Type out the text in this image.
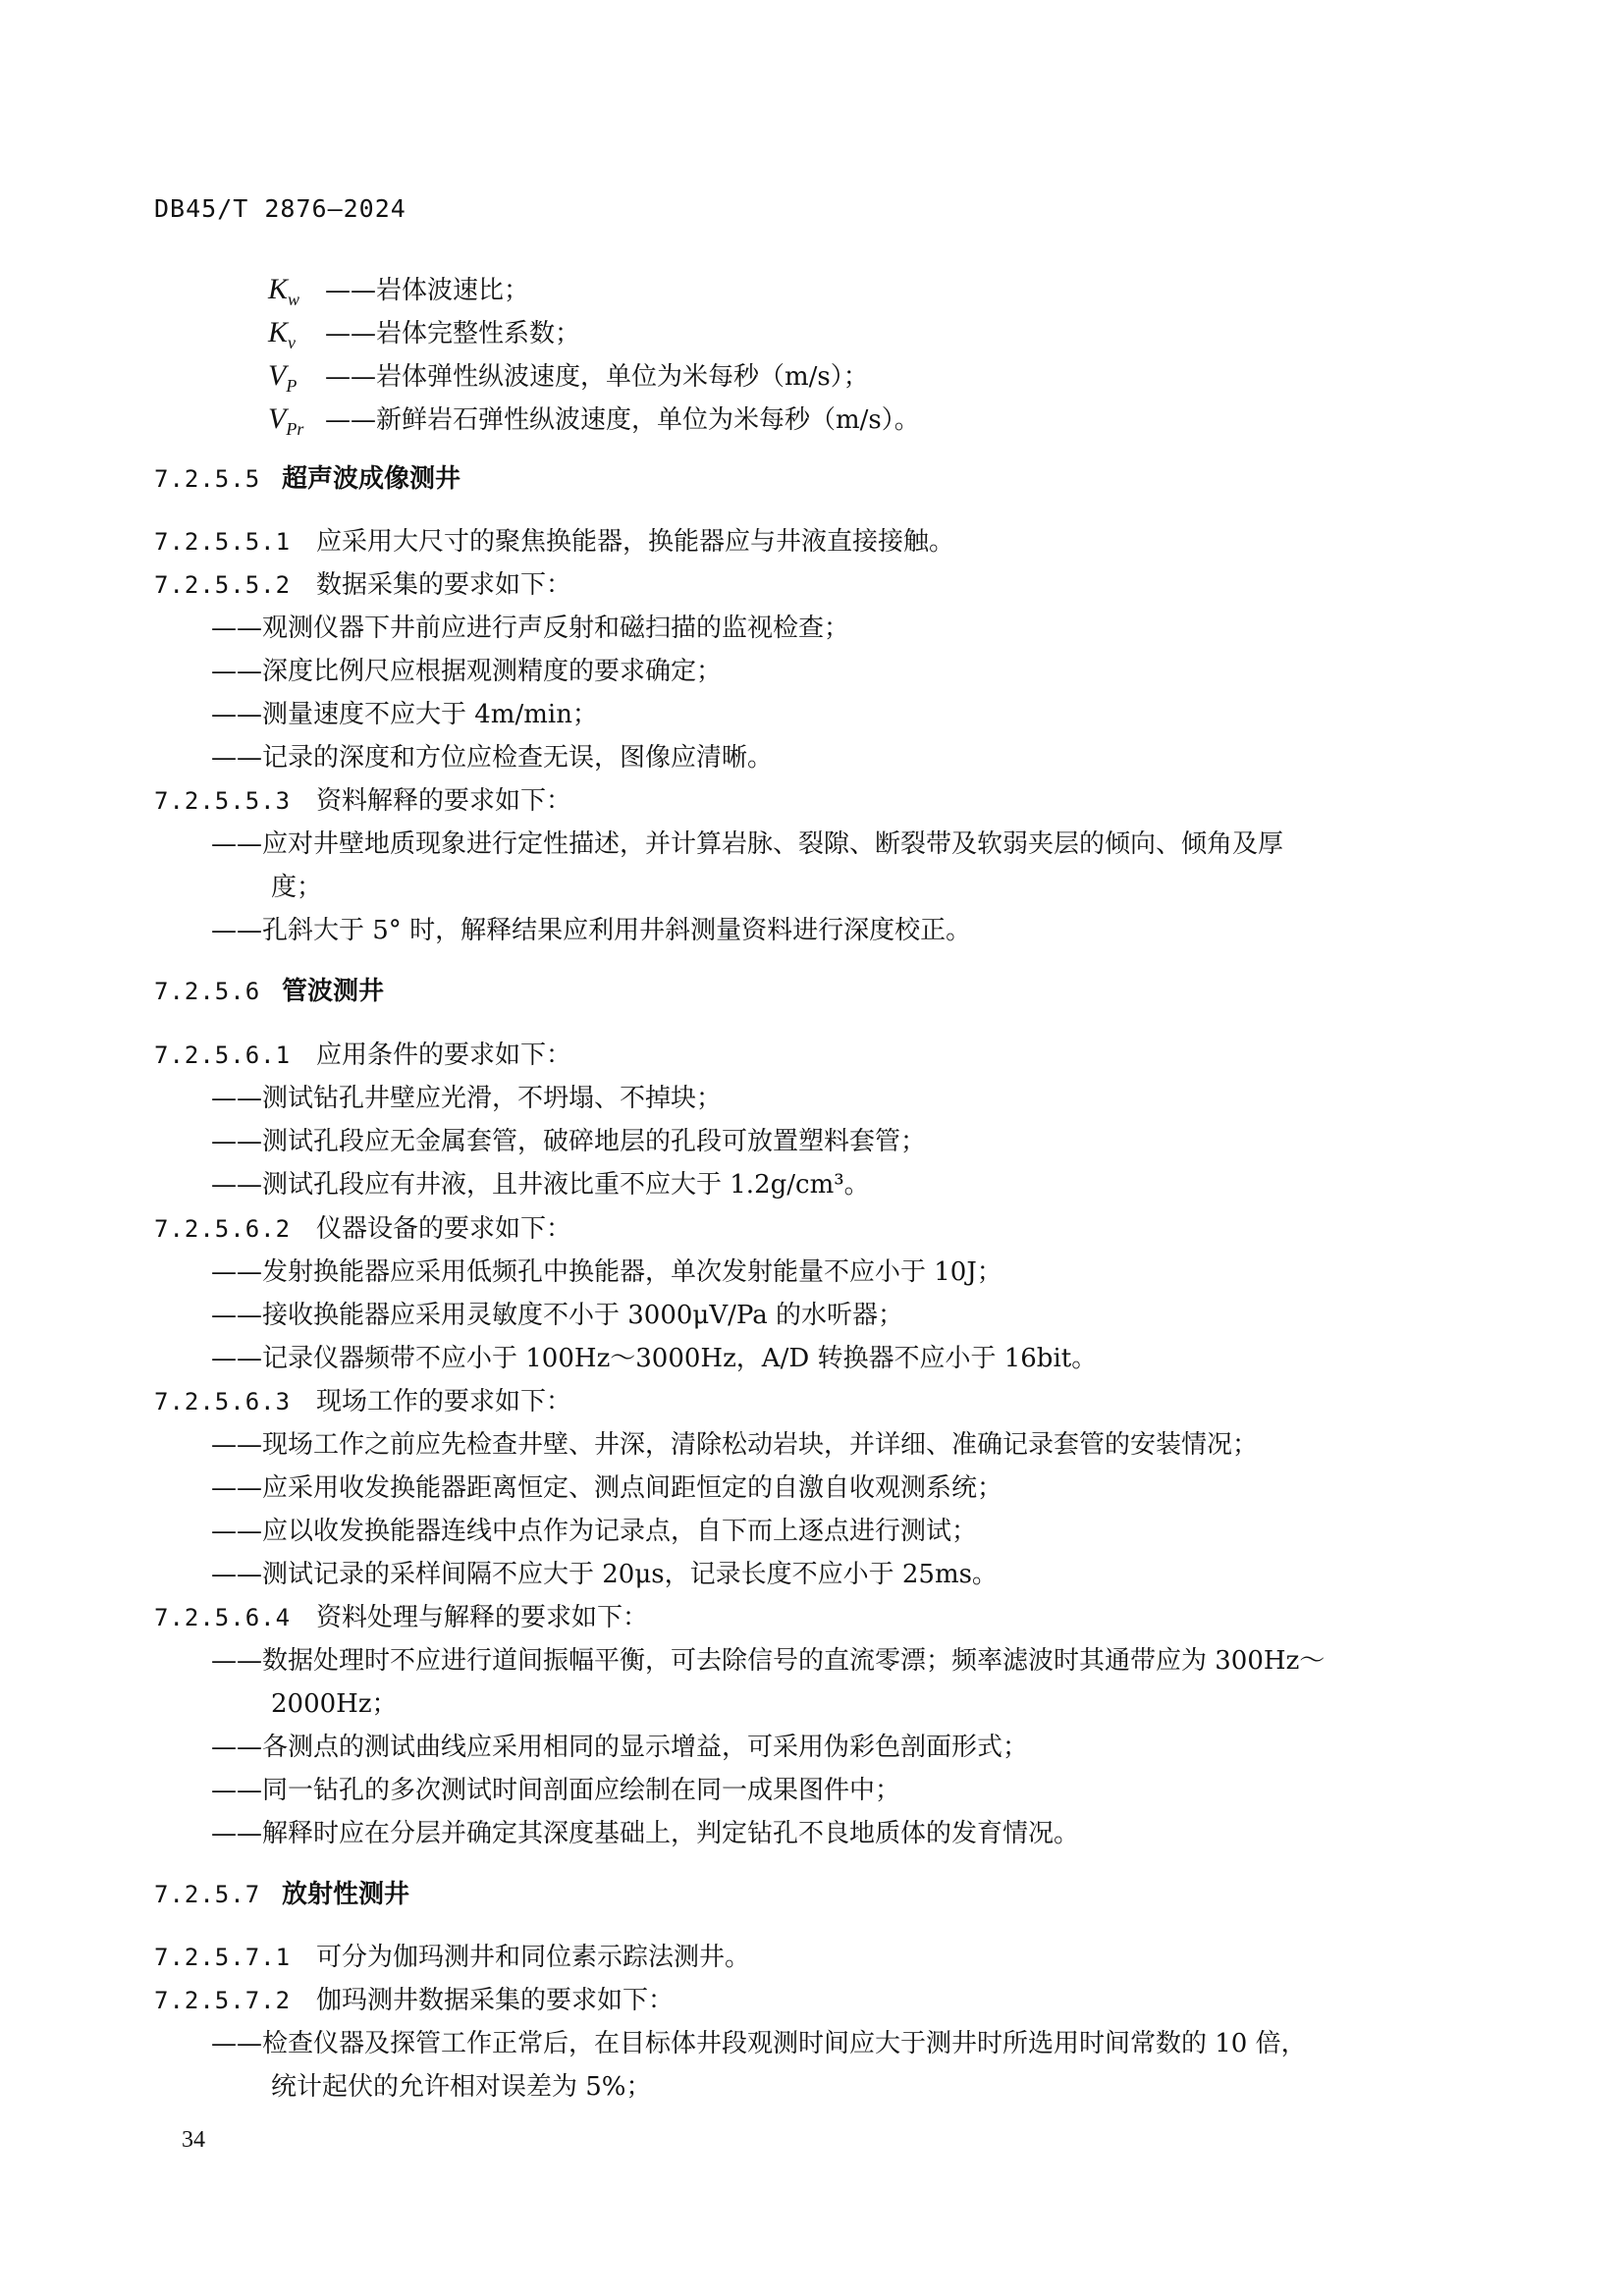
DB45/T 2876—2024
$K_w$ ——岩体波速比；
$K_v$ ——岩体完整性系数；
$V_P$ ——岩体弹性纵波速度，单位为米每秒（m/s）；
$V_{Pr}$ ——新鲜岩石弹性纵波速度，单位为米每秒（m/s）。
7.2.5.5 超声波成像测井
7.2.5.5.1 应采用大尺寸的聚焦换能器，换能器应与井液直接接触。
7.2.5.5.2 数据采集的要求如下：
——观测仪器下井前应进行声反射和磁扫描的监视检查；
——深度比例尺应根据观测精度的要求确定；
——测量速度不应大于 4m/min；
——记录的深度和方位应检查无误，图像应清晰。
7.2.5.5.3 资料解释的要求如下：
——应对井壁地质现象进行定性描述，并计算岩脉、裂隙、断裂带及软弱夹层的倾向、倾角及厚
度；
——孔斜大于 5° 时，解释结果应利用井斜测量资料进行深度校正。
7.2.5.6 管波测井
7.2.5.6.1 应用条件的要求如下：
——测试钻孔井壁应光滑，不坍塌、不掉块；
——测试孔段应无金属套管，破碎地层的孔段可放置塑料套管；
——测试孔段应有井液，且井液比重不应大于 1.2g/cm³。
7.2.5.6.2 仪器设备的要求如下：
——发射换能器应采用低频孔中换能器，单次发射能量不应小于 10J；
——接收换能器应采用灵敏度不小于 3000μV/Pa 的水听器；
——记录仪器频带不应小于 100Hz～3000Hz，A/D 转换器不应小于 16bit。
7.2.5.6.3 现场工作的要求如下：
——现场工作之前应先检查井壁、井深，清除松动岩块，并详细、准确记录套管的安装情况；
——应采用收发换能器距离恒定、测点间距恒定的自激自收观测系统；
——应以收发换能器连线中点作为记录点，自下而上逐点进行测试；
——测试记录的采样间隔不应大于 20μs，记录长度不应小于 25ms。
7.2.5.6.4 资料处理与解释的要求如下：
——数据处理时不应进行道间振幅平衡，可去除信号的直流零漂；频率滤波时其通带应为 300Hz～
2000Hz；
——各测点的测试曲线应采用相同的显示增益，可采用伪彩色剖面形式；
——同一钻孔的多次测试时间剖面应绘制在同一成果图件中；
——解释时应在分层并确定其深度基础上，判定钻孔不良地质体的发育情况。
7.2.5.7 放射性测井
7.2.5.7.1 可分为伽玛测井和同位素示踪法测井。
7.2.5.7.2 伽玛测井数据采集的要求如下：
——检查仪器及探管工作正常后，在目标体井段观测时间应大于测井时所选用时间常数的 10 倍，
统计起伏的允许相对误差为 5%；
34
